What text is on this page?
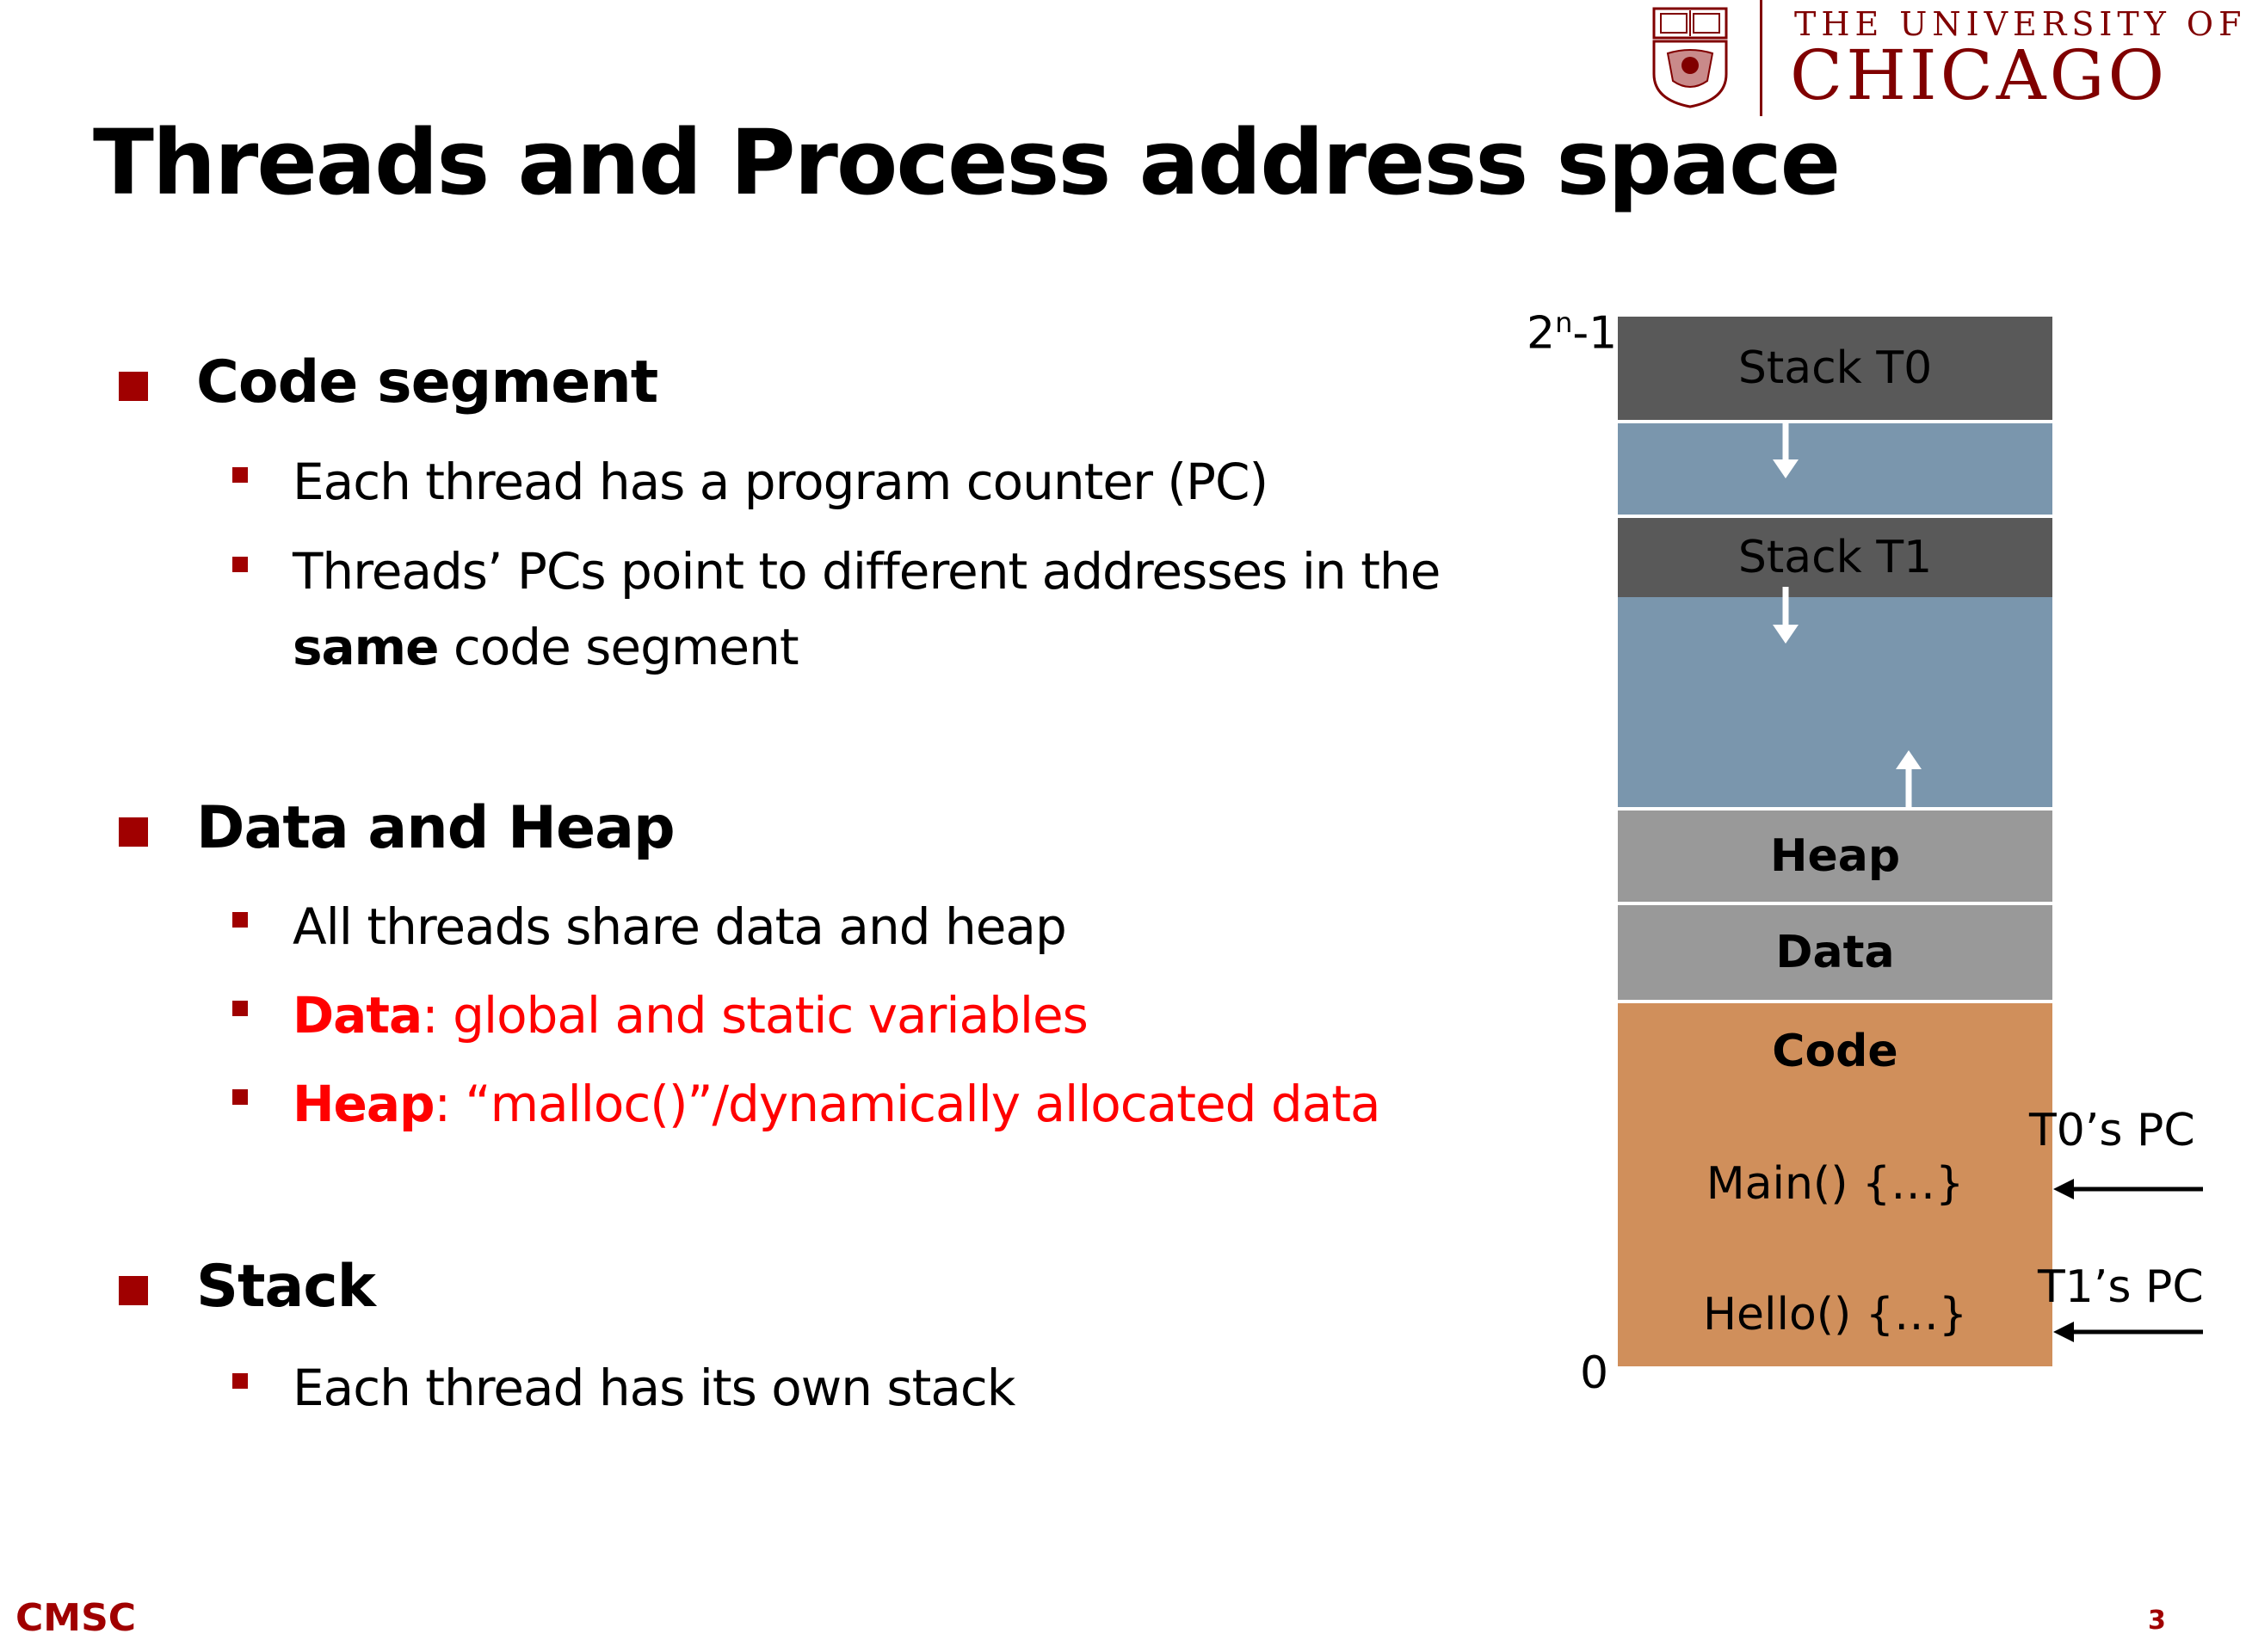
THE UNIVERSITY OF
CHICAGO
Threads and Process address space
Code segment
Each thread has a program counter (PC)
Threads’ PCs point to different addresses in the
same code segment
Data and Heap
All threads share data and heap
Data: global and static variables
Heap: “malloc()”/dynamically allocated data
Stack
Each thread has its own stack
2$^n$-1
Stack T0
Stack T1
Heap
Data
Code
Main() {…}
Hello() {…}
0
T0’s PC
T1’s PC
CMSC	3
